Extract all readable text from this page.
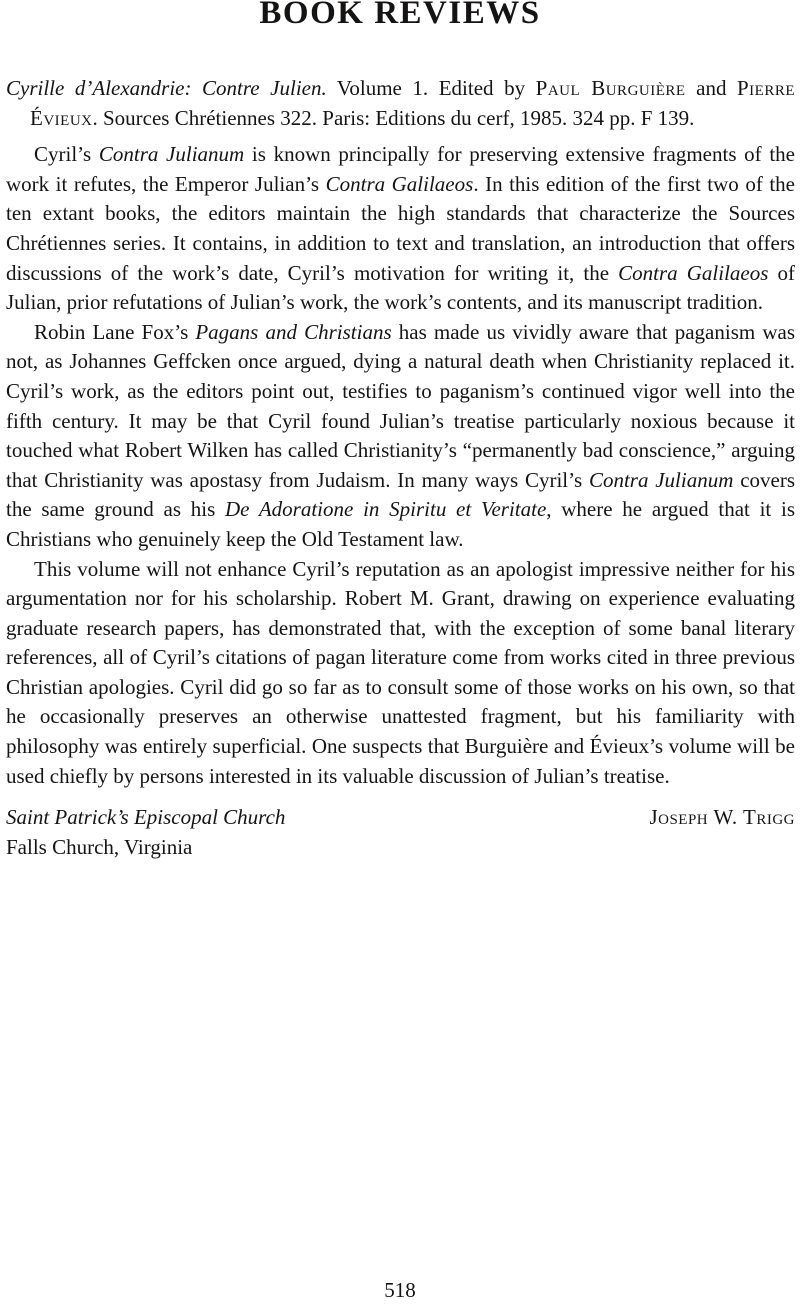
BOOK REVIEWS

Cyrille d’Alexandrie: Contre Julien. Volume 1. Edited by Paul Burguière and Pierre Évieux. Sources Chrétiennes 322. Paris: Editions du cerf, 1985. 324 pp. F 139.

Cyril’s Contra Julianum is known principally for preserving extensive fragments of the work it refutes, the Emperor Julian’s Contra Galilaeos. In this edition of the first two of the ten extant books, the editors maintain the high standards that characterize the Sources Chrétiennes series. It contains, in addition to text and translation, an introduction that offers discussions of the work’s date, Cyril’s motivation for writing it, the Contra Galilaeos of Julian, prior refutations of Julian’s work, the work’s contents, and its manuscript tradition.

Robin Lane Fox’s Pagans and Christians has made us vividly aware that paganism was not, as Johannes Geffcken once argued, dying a natural death when Christianity replaced it. Cyril’s work, as the editors point out, testifies to paganism’s continued vigor well into the fifth century. It may be that Cyril found Julian’s treatise particularly noxious because it touched what Robert Wilken has called Christianity’s “permanently bad conscience,” arguing that Christianity was apostasy from Judaism. In many ways Cyril’s Contra Julianum covers the same ground as his De Adoratione in Spiritu et Veritate, where he argued that it is Christians who genuinely keep the Old Testament law.

This volume will not enhance Cyril’s reputation as an apologist impressive neither for his argumentation nor for his scholarship. Robert M. Grant, drawing on experience evaluating graduate research papers, has demonstrated that, with the exception of some banal literary references, all of Cyril’s citations of pagan literature come from works cited in three previous Christian apologies. Cyril did go so far as to consult some of those works on his own, so that he occasionally preserves an otherwise unattested fragment, but his familiarity with philosophy was entirely superficial. One suspects that Burguière and Évieux’s volume will be used chiefly by persons interested in its valuable discussion of Julian’s treatise.

Saint Patrick’s Episcopal Church
Falls Church, Virginia
Joseph W. Trigg
518
